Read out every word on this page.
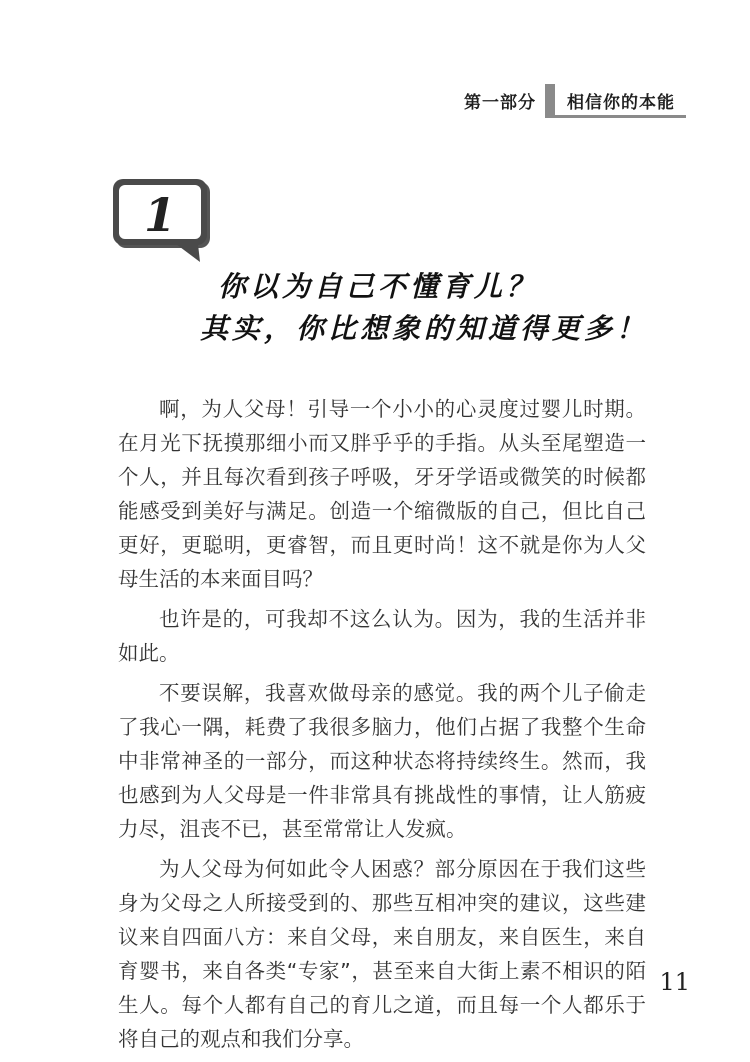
第一部分 相信你的本能
1
你以为自己不懂育儿？
其实，你比想象的知道得更多！

啊，为人父母！引导一个小小的心灵度过婴儿时期。在月光下抚摸那细小而又胖乎乎的手指。从头至尾塑造一个人，并且每次看到孩子呼吸，牙牙学语或微笑的时候都能感受到美好与满足。创造一个缩微版的自己，但比自己更好，更聪明，更睿智，而且更时尚！这不就是你为人父母生活的本来面目吗？

也许是的，可我却不这么认为。因为，我的生活并非如此。

不要误解，我喜欢做母亲的感觉。我的两个儿子偷走了我心一隅，耗费了我很多脑力，他们占据了我整个生命中非常神圣的一部分，而这种状态将持续终生。然而，我也感到为人父母是一件非常具有挑战性的事情，让人筋疲力尽，沮丧不已，甚至常常让人发疯。

为人父母为何如此令人困惑？部分原因在于我们这些身为父母之人所接受到的、那些互相冲突的建议，这些建议来自四面八方：来自父母，来自朋友，来自医生，来自育婴书，来自各类“专家”，甚至来自大街上素不相识的陌生人。每个人都有自己的育儿之道，而且每一个人都乐于将自己的观点和我们分享。

11
